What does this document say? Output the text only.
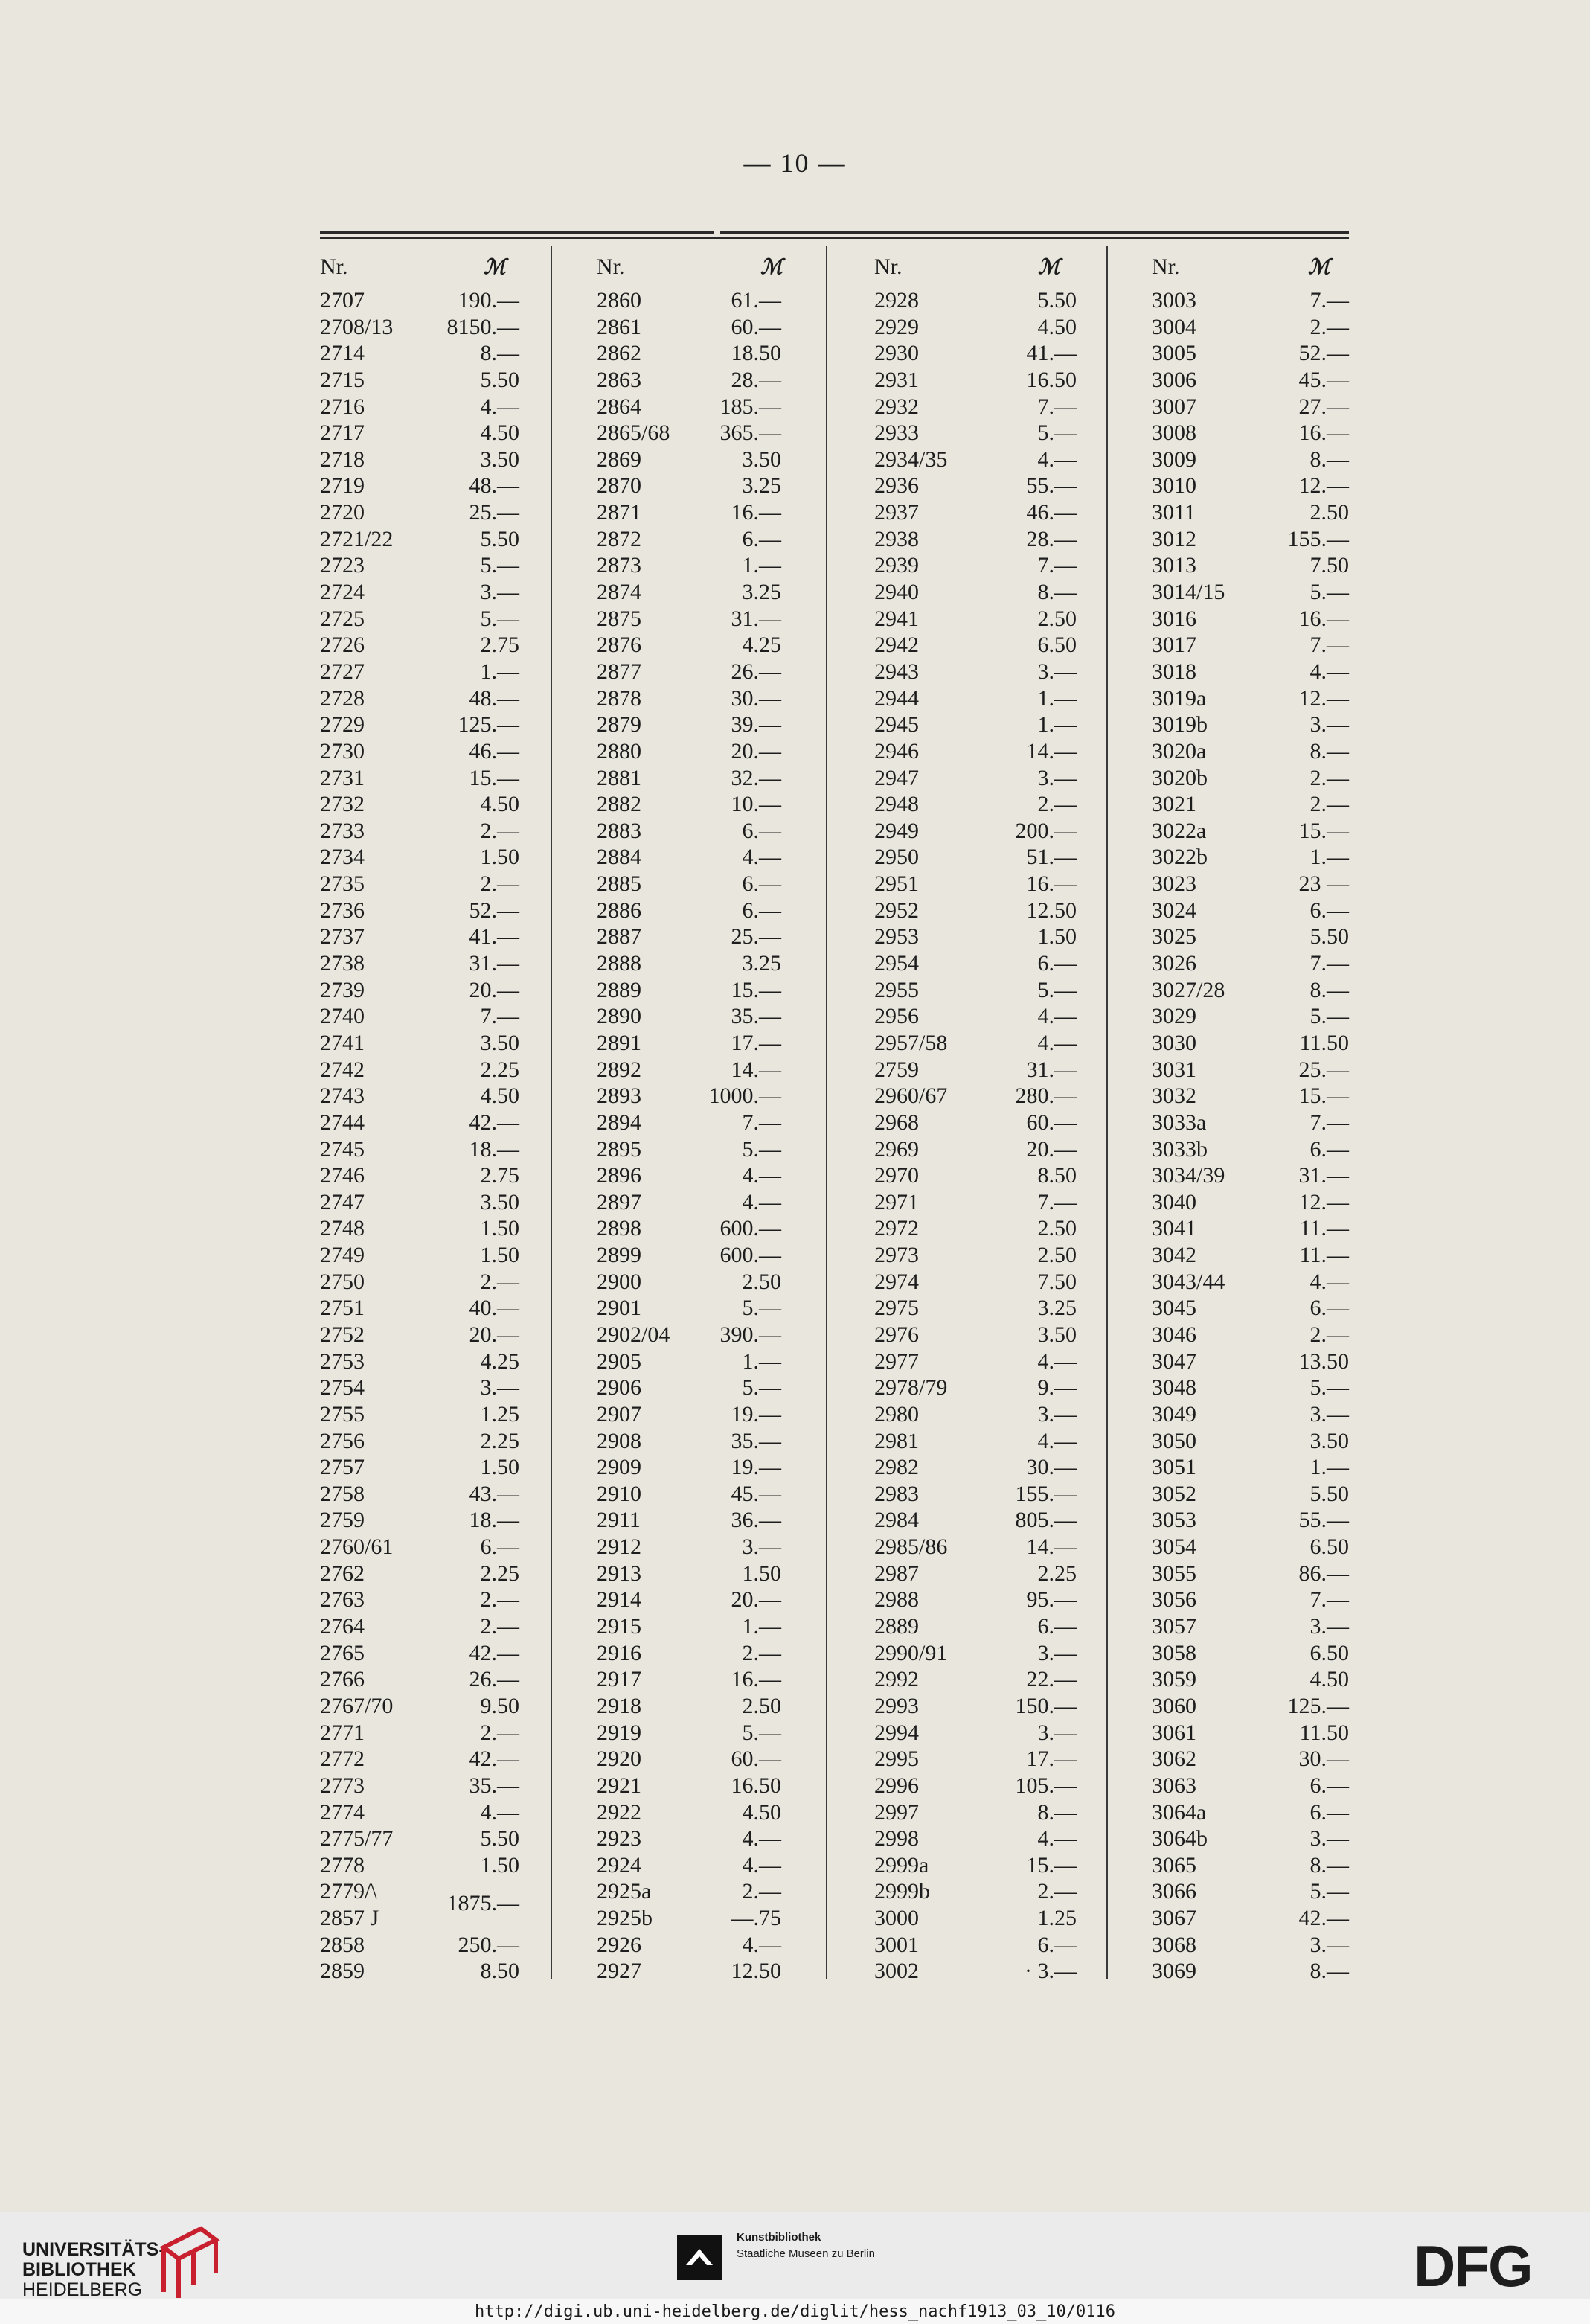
— 10 —
Nr.	ℳ
2707	190.—
2708/13 8150.—
2714	8.—
2715	5.50
2716	4.—
2717	4.50
2718	3.50
2719	48.—
2720	25.—
2721/22	5.50
2723	5.—
2724	3.—
2725	5.—
2726	2.75
2727	1.—
2728	48.—
2729	125.—
2730	46.—
2731	15.—
2732	4.50
2733	2.—
2734	1.50
2735	2.—
2736	52.—
2737	41.—
2738	31.—
2739	20.—
2740	7.—
2741	3.50
2742	2.25
2743	4.50
2744	42.—
2745	18.—
2746	2.75
2747	3.50
2748	1.50
2749	1.50
2750	2.—
2751	40.—
2752	20.—
2753	4.25
2754	3.—
2755	1.25
2756	2.25
2757	1.50
2758	43.—
2759	18.—
2760/61	6.—
2762	2.25
2763	2.—
2764	2.—
2765	42.—
2766	26.—
2767/70	9.50
2771	2.—
2772	42.—
2773	35.—
2774	4.—
2775/77	5.50
2778	1.50
2779/\	1875.—
2857 J
2858	250.—
2859	8.50
Nr.	ℳ
2860	61.—
2861	60.—
2862	18.50
2863	28.—
2864	185.—
2865/68 365.—
2869	3.50
2870	3.25
2871	16.—
2872	6.—
2873	1.—
2874	3.25
2875	31.—
2876	4.25
2877	26.—
2878	30.—
2879	39.—
2880	20.—
2881	32.—
2882	10.—
2883	6.—
2884	4.—
2885	6.—
2886	6.—
2887	25.—
2888	3.25
2889	15.—
2890	35.—
2891	17.—
2892	14.—
2893	1000.—
2894	7.—
2895	5.—
2896	4.—
2897	4.—
2898	600.—
2899	600.—
2900	2.50
2901	5.—
2902/04 390.—
2905	1.—
2906	5.—
2907	19.—
2908	35.—
2909	19.—
2910	45.—
2911	36.—
2912	3.—
2913	1.50
2914	20.—
2915	1.—
2916	2.—
2917	16.—
2918	2.50
2919	5.—
2920	60.—
2921	16.50
2922	4.50
2923	4.—
2924	4.—
2925a	2.—
2925b	—.75
2926	4.—
2927	12.50
Nr.	ℳ
2928	5.50
2929	4.50
2930	41.—
2931	16.50
2932	7.—
2933	5.—
2934/35	4.—
2936	55.—
2937	46.—
2938	28.—
2939	7.—
2940	8.—
2941	2.50
2942	6.50
2943	3.—
2944	1.—
2945	1.—
2946	14.—
2947	3.—
2948	2.—
2949	200.—
2950	51.—
2951	16.—
2952	12.50
2953	1.50
2954	6.—
2955	5.—
2956	4.—
2957/58	4.—
2759	31.—
2960/67	280.—
2968	60.—
2969	20.—
2970	8.50
2971	7.—
2972	2.50
2973	2.50
2974	7.50
2975	3.25
2976	3.50
2977	4.—
2978/79	9.—
2980	3.—
2981	4.—
2982	30.—
2983	155.—
2984	805.—
2985/86	14.—
2987	2.25
2988	95.—
2889	6.—
2990/91	3.—
2992	22.—
2993	150.—
2994	3.—
2995	17.—
2996	105.—
2997	8.—
2998	4.—
2999a	15.—
2999b	2.—
3000	1.25
3001	6.—
3002	· 3.—
Nr.	ℳ
3003	7.—
3004	2.—
3005	52.—
3006	45.—
3007	27.—
3008	16.—
3009	8.—
3010	12.—
3011	2.50
3012	155.—
3013	7.50
3014/15	5.—
3016	16.—
3017	7.—
3018	4.—
3019a	12.—
3019b	3.—
3020a	8.—
3020b	2.—
3021	2.—
3022a	15.—
3022b	1.—
3023	23 —
3024	6.—
3025	5.50
3026	7.—
3027/28	8.—
3029	5.—
3030	11.50
3031	25.—
3032	15.—
3033a	7.—
3033b	6.—
3034/39	31.—
3040	12.—
3041	11.—
3042	11.—
3043/44	4.—
3045	6.—
3046	2.—
3047	13.50
3048	5.—
3049	3.—
3050	3.50
3051	1.—
3052	5.50
3053	55.—
3054	6.50
3055	86.—
3056	7.—
3057	3.—
3058	6.50
3059	4.50
3060	125.—
3061	11.50
3062	30.—
3063	6.—
3064a	6.—
3064b	3.—
3065	8.—
3066	5.—
3067	42.—
3068	3.—
3069	8.—
UNIVERSITÄTS-
BIBLIOTHEK
HEIDELBERG
Kunstbibliothek
Staatliche Museen zu Berlin	DFG
http://digi.ub.uni-heidelberg.de/diglit/hess_nachf1913_03_10/0116
